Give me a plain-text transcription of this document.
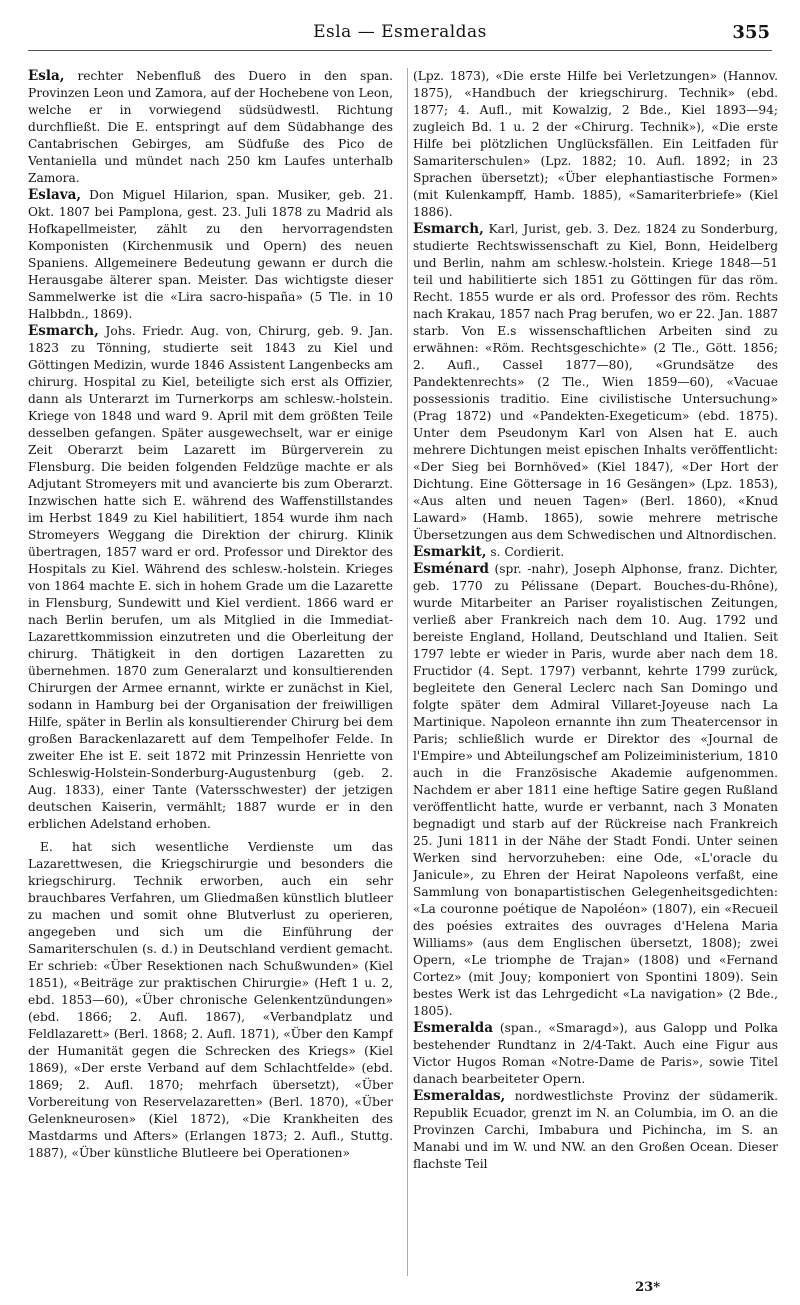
Esla — Esmeraldas	355

Esla, rechter Nebenfluß des Duero in den span. Provinzen Leon und Zamora, auf der Hochebene von Leon, welche er in vorwiegend südsüdwestl. Richtung durchfließt. Die E. entspringt auf dem Südabhange des Cantabrischen Gebirges, am Südfuße des Pico de Ventaniella und mündet nach 250 km Laufes unterhalb Zamora.

Eslava, Don Miguel Hilarion, span. Musiker, geb. 21. Okt. 1807 bei Pamplona, gest. 23. Juli 1878 zu Madrid als Hofkapellmeister, zählt zu den hervorragendsten Komponisten (Kirchenmusik und Opern) des neuen Spaniens. Allgemeinere Bedeutung gewann er durch die Herausgabe älterer span. Meister. Das wichtigste dieser Sammelwerke ist die «Lira sacro-hispaña» (5 Tle. in 10 Halbbdn., 1869).

Esmarch, Johs. Friedr. Aug. von, Chirurg, geb. 9. Jan. 1823 zu Tönning, studierte seit 1843 zu Kiel und Göttingen Medizin, wurde 1846 Assistent Langenbecks am chirurg. Hospital zu Kiel, beteiligte sich erst als Offizier, dann als Unterarzt im Turnerkorps am schlesw.-holstein. Kriege von 1848 und ward 9. April mit dem größten Teile desselben gefangen. Später ausgewechselt, war er einige Zeit Oberarzt beim Lazarett im Bürgerverein zu Flensburg. Die beiden folgenden Feldzüge machte er als Adjutant Stromeyers mit und avancierte bis zum Oberarzt. Inzwischen hatte sich E. während des Waffenstillstandes im Herbst 1849 zu Kiel habilitiert, 1854 wurde ihm nach Stromeyers Weggang die Direktion der chirurg. Klinik übertragen, 1857 ward er ord. Professor und Direktor des Hospitals zu Kiel. Während des schlesw.-holstein. Krieges von 1864 machte E. sich in hohem Grade um die Lazarette in Flensburg, Sundewitt und Kiel verdient. 1866 ward er nach Berlin berufen, um als Mitglied in die Immediat-Lazarettkommission einzutreten und die Oberleitung der chirurg. Thätigkeit in den dortigen Lazaretten zu übernehmen. 1870 zum Generalarzt und konsultierenden Chirurgen der Armee ernannt, wirkte er zunächst in Kiel, sodann in Hamburg bei der Organisation der freiwilligen Hilfe, später in Berlin als konsultierender Chirurg bei dem großen Barackenlazarett auf dem Tempelhofer Felde. In zweiter Ehe ist E. seit 1872 mit Prinzessin Henriette von Schleswig-Holstein-Sonderburg-Augustenburg (geb. 2. Aug. 1833), einer Tante (Vatersschwester) der jetzigen deutschen Kaiserin, vermählt; 1887 wurde er in den erblichen Adelstand erhoben.

E. hat sich wesentliche Verdienste um das Lazarettwesen, die Kriegschirurgie und besonders die kriegschirurg. Technik erworben, auch ein sehr brauchbares Verfahren, um Gliedmaßen künstlich blutleer zu machen und somit ohne Blutverlust zu operieren, angegeben und sich um die Einführung der Samariterschulen (s. d.) in Deutschland verdient gemacht. Er schrieb: «Über Resektionen nach Schußwunden» (Kiel 1851), «Beiträge zur praktischen Chirurgie» (Heft 1 u. 2, ebd. 1853—60), «Über chronische Gelenkentzündungen» (ebd. 1866; 2. Aufl. 1867), «Verbandplatz und Feldlazarett» (Berl. 1868; 2. Aufl. 1871), «Über den Kampf der Humanität gegen die Schrecken des Kriegs» (Kiel 1869), «Der erste Verband auf dem Schlachtfelde» (ebd. 1869; 2. Aufl. 1870; mehrfach übersetzt), «Über Vorbereitung von Reservelazaretten» (Berl. 1870), «Über Gelenkneurosen» (Kiel 1872), «Die Krankheiten des Mastdarms und Afters» (Erlangen 1873; 2. Aufl., Stuttg. 1887), «Über künstliche Blutleere bei Operationen»

(Lpz. 1873), «Die erste Hilfe bei Verletzungen» (Hannov. 1875), «Handbuch der kriegschirurg. Technik» (ebd. 1877; 4. Aufl., mit Kowalzig, 2 Bde., Kiel 1893—94; zugleich Bd. 1 u. 2 der «Chirurg. Technik»), «Die erste Hilfe bei plötzlichen Unglücksfällen. Ein Leitfaden für Samariterschulen» (Lpz. 1882; 10. Aufl. 1892; in 23 Sprachen übersetzt); «Über elephantiastische Formen» (mit Kulenkampff, Hamb. 1885), «Samariterbriefe» (Kiel 1886).

Esmarch, Karl, Jurist, geb. 3. Dez. 1824 zu Sonderburg, studierte Rechtswissenschaft zu Kiel, Bonn, Heidelberg und Berlin, nahm am schlesw.-holstein. Kriege 1848—51 teil und habilitierte sich 1851 zu Göttingen für das röm. Recht. 1855 wurde er als ord. Professor des röm. Rechts nach Krakau, 1857 nach Prag berufen, wo er 22. Jan. 1887 starb. Von E.s wissenschaftlichen Arbeiten sind zu erwähnen: «Röm. Rechtsgeschichte» (2 Tle., Gött. 1856; 2. Aufl., Cassel 1877—80), «Grundsätze des Pandektenrechts» (2 Tle., Wien 1859—60), «Vacuae possessionis traditio. Eine civilistische Untersuchung» (Prag 1872) und «Pandekten-Exegeticum» (ebd. 1875). Unter dem Pseudonym Karl von Alsen hat E. auch mehrere Dichtungen meist epischen Inhalts veröffentlicht: «Der Sieg bei Bornhöved» (Kiel 1847), «Der Hort der Dichtung. Eine Göttersage in 16 Gesängen» (Lpz. 1853), «Aus alten und neuen Tagen» (Berl. 1860), «Knud Laward» (Hamb. 1865), sowie mehrere metrische Übersetzungen aus dem Schwedischen und Altnordischen.

Esmarkit, s. Cordierit.

Esménard (spr. -nahr), Joseph Alphonse, franz. Dichter, geb. 1770 zu Pélissane (Depart. Bouches-du-Rhône), wurde Mitarbeiter an Pariser royalistischen Zeitungen, verließ aber Frankreich nach dem 10. Aug. 1792 und bereiste England, Holland, Deutschland und Italien. Seit 1797 lebte er wieder in Paris, wurde aber nach dem 18. Fructidor (4. Sept. 1797) verbannt, kehrte 1799 zurück, begleitete den General Leclerc nach San Domingo und folgte später dem Admiral Villaret-Joyeuse nach La Martinique. Napoleon ernannte ihn zum Theatercensor in Paris; schließlich wurde er Direktor des «Journal de l'Empire» und Abteilungschef am Polizeiministerium, 1810 auch in die Französische Akademie aufgenommen. Nachdem er aber 1811 eine heftige Satire gegen Rußland veröffentlicht hatte, wurde er verbannt, nach 3 Monaten begnadigt und starb auf der Rückreise nach Frankreich 25. Juni 1811 in der Nähe der Stadt Fondi. Unter seinen Werken sind hervorzuheben: eine Ode, «L'oracle du Janicule», zu Ehren der Heirat Napoleons verfaßt, eine Sammlung von bonapartistischen Gelegenheitsgedichten: «La couronne poétique de Napoléon» (1807), ein «Recueil des poésies extraites des ouvrages d'Helena Maria Williams» (aus dem Englischen übersetzt, 1808); zwei Opern, «Le triomphe de Trajan» (1808) und «Fernand Cortez» (mit Jouy; komponiert von Spontini 1809). Sein bestes Werk ist das Lehrgedicht «La navigation» (2 Bde., 1805).

Esmeralda (span., «Smaragd»), aus Galopp und Polka bestehender Rundtanz in 2/4-Takt. Auch eine Figur aus Victor Hugos Roman «Notre-Dame de Paris», sowie Titel danach bearbeiteter Opern.

Esmeraldas, nordwestlichste Provinz der südamerik. Republik Ecuador, grenzt im N. an Columbia, im O. an die Provinzen Carchi, Imbabura und Pichincha, im S. an Manabi und im W. und NW. an den Großen Ocean. Dieser flachste Teil

23*
